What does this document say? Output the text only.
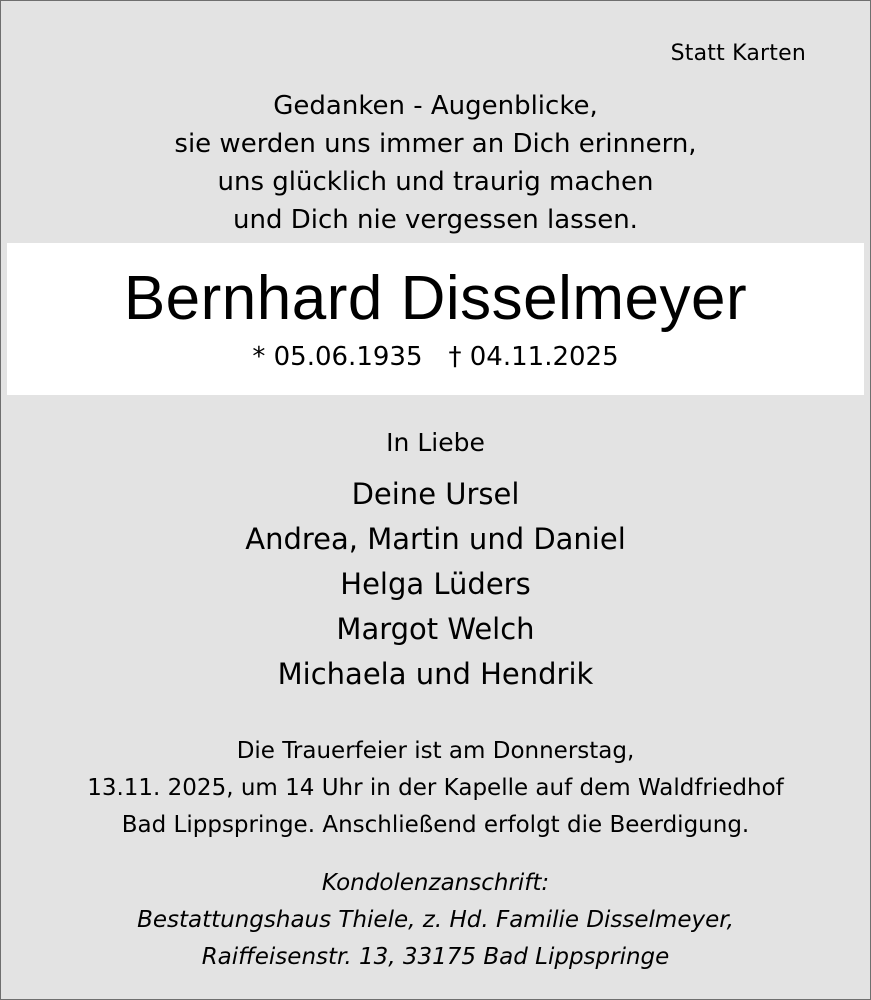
Statt Karten
Gedanken - Augenblicke,
sie werden uns immer an Dich erinnern,
uns glücklich und traurig machen
und Dich nie vergessen lassen.
Bernhard Disselmeyer
* 05.06.1935 † 04.11.2025
In Liebe
Deine Ursel
Andrea, Martin und Daniel
Helga Lüders
Margot Welch
Michaela und Hendrik
Die Trauerfeier ist am Donnerstag,
13.11. 2025, um 14 Uhr in der Kapelle auf dem Waldfriedhof
Bad Lippspringe. Anschließend erfolgt die Beerdigung.
Kondolenzanschrift:
Bestattungshaus Thiele, z. Hd. Familie Disselmeyer,
Raiffeisenstr. 13, 33175 Bad Lippspringe
